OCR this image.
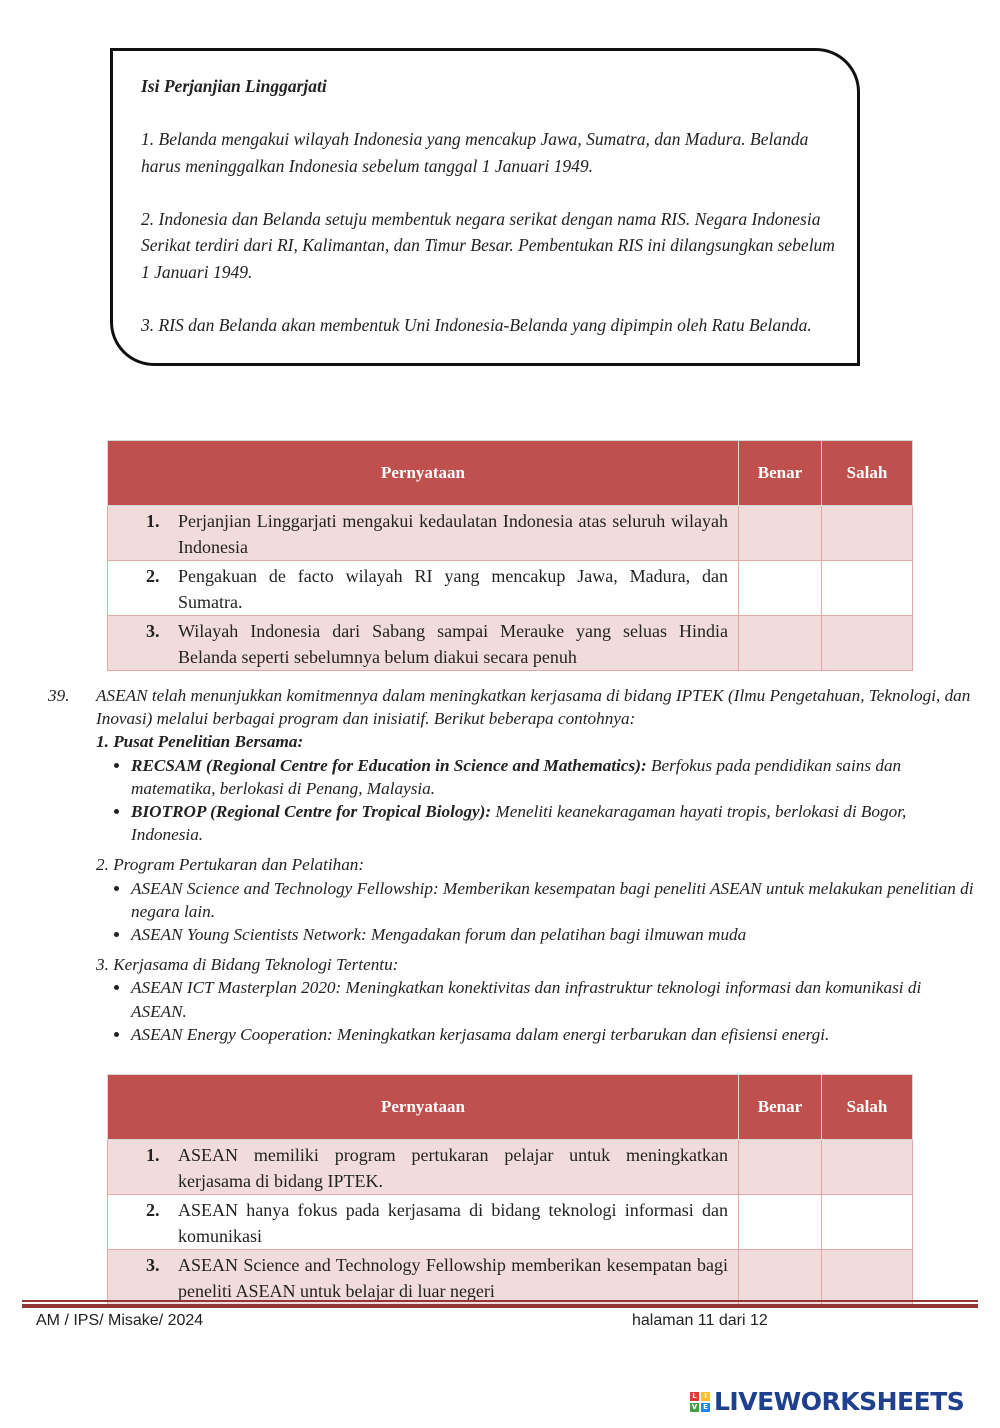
Isi Perjanjian Linggarjati

1. Belanda mengakui wilayah Indonesia yang mencakup Jawa, Sumatra, dan Madura. Belanda harus meninggalkan Indonesia sebelum tanggal 1 Januari 1949.

2. Indonesia dan Belanda setuju membentuk negara serikat dengan nama RIS. Negara Indonesia Serikat terdiri dari RI, Kalimantan, dan Timur Besar. Pembentukan RIS ini dilangsungkan sebelum 1 Januari 1949.

3. RIS dan Belanda akan membentuk Uni Indonesia-Belanda yang dipimpin oleh Ratu Belanda.

Pernyataan	Benar	Salah

1. Perjanjian Linggarjati mengakui kedaulatan Indonesia atas seluruh wilayah Indonesia		

2. Pengakuan de facto wilayah RI yang mencakup Jawa, Madura, dan Sumatra.		

3. Wilayah Indonesia dari Sabang sampai Merauke yang seluas Hindia Belanda seperti sebelumnya belum diakui secara penuh		

39. ASEAN telah menunjukkan komitmennya dalam meningkatkan kerjasama di bidang IPTEK (Ilmu Pengetahuan, Teknologi, dan Inovasi) melalui berbagai program dan inisiatif. Berikut beberapa contohnya:

1. Pusat Penelitian Bersama:

• RECSAM (Regional Centre for Education in Science and Mathematics): Berfokus pada pendidikan sains dan matematika, berlokasi di Penang, Malaysia.
• BIOTROP (Regional Centre for Tropical Biology): Meneliti keanekaragaman hayati tropis, berlokasi di Bogor, Indonesia.

2. Program Pertukaran dan Pelatihan:

• ASEAN Science and Technology Fellowship: Memberikan kesempatan bagi peneliti ASEAN untuk melakukan penelitian di negara lain.
• ASEAN Young Scientists Network: Mengadakan forum dan pelatihan bagi ilmuwan muda

3. Kerjasama di Bidang Teknologi Tertentu:

• ASEAN ICT Masterplan 2020: Meningkatkan konektivitas dan infrastruktur teknologi informasi dan komunikasi di ASEAN.
• ASEAN Energy Cooperation: Meningkatkan kerjasama dalam energi terbarukan dan efisiensi energi.
Pernyataan	Benar	Salah

1. ASEAN memiliki program pertukaran pelajar untuk meningkatkan kerjasama di bidang IPTEK.		

2. ASEAN hanya fokus pada kerjasama di bidang teknologi informasi dan komunikasi		

3. ASEAN Science and Technology Fellowship memberikan kesempatan bagi peneliti ASEAN untuk belajar di luar negeri		

AM / IPS/ Misake/ 2024	halaman 11 dari 12
L	I
V E LIVEWORKSHEETS
